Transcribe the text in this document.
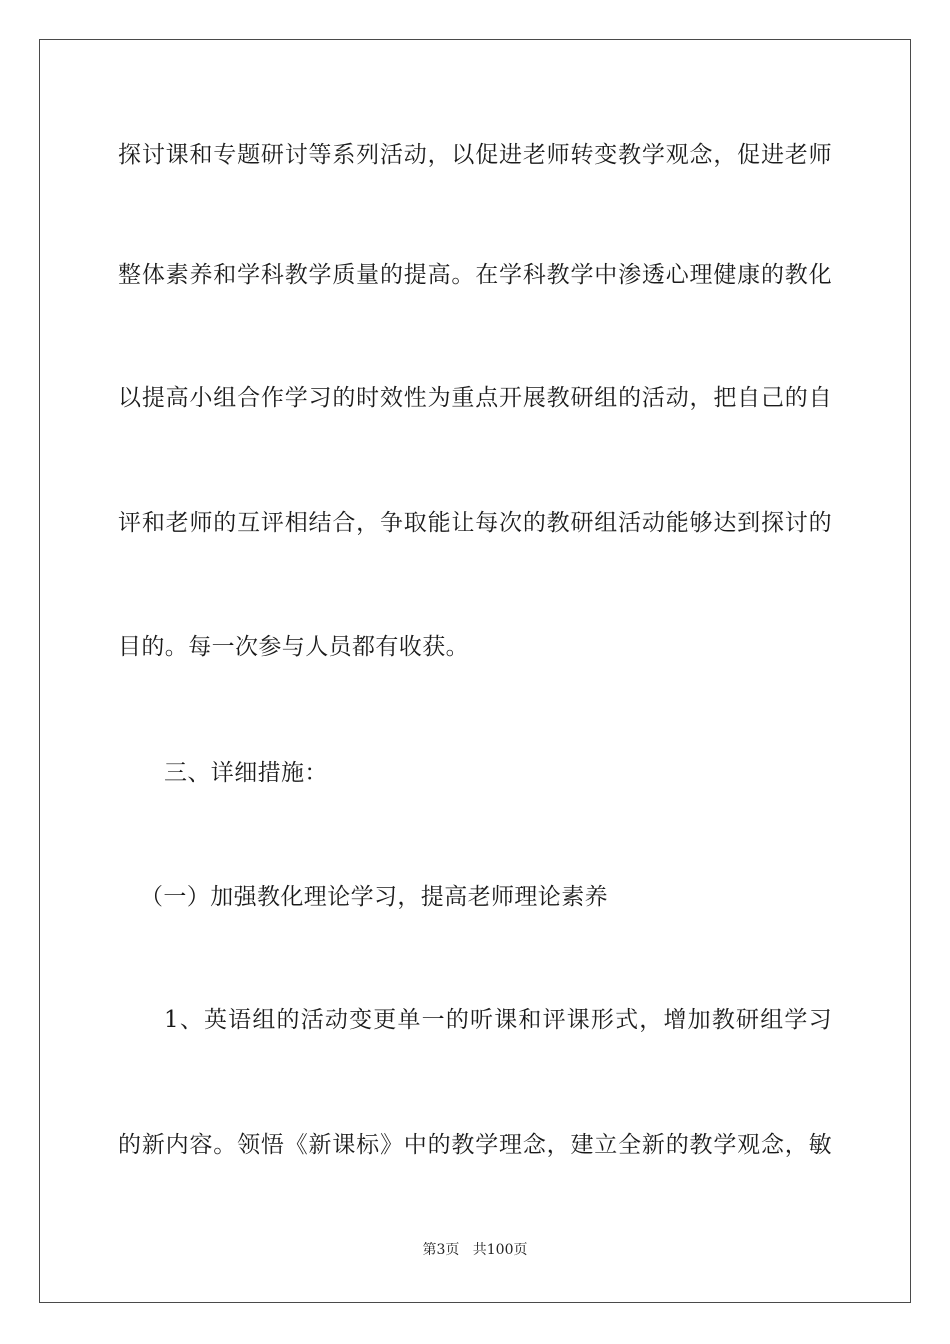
探讨课和专题研讨等系列活动，以促进老师转变教学观念，促进老师
整体素养和学科教学质量的提高。在学科教学中渗透心理健康的教化
以提高小组合作学习的时效性为重点开展教研组的活动，把自己的自
评和老师的互评相结合，争取能让每次的教研组活动能够达到探讨的
目的。每一次参与人员都有收获。
三、详细措施：
（一）加强教化理论学习，提高老师理论素养
1、英语组的活动变更单一的听课和评课形式，增加教研组学习
的新内容。领悟《新课标》中的教学理念，建立全新的教学观念，敏
第3页 共100页
